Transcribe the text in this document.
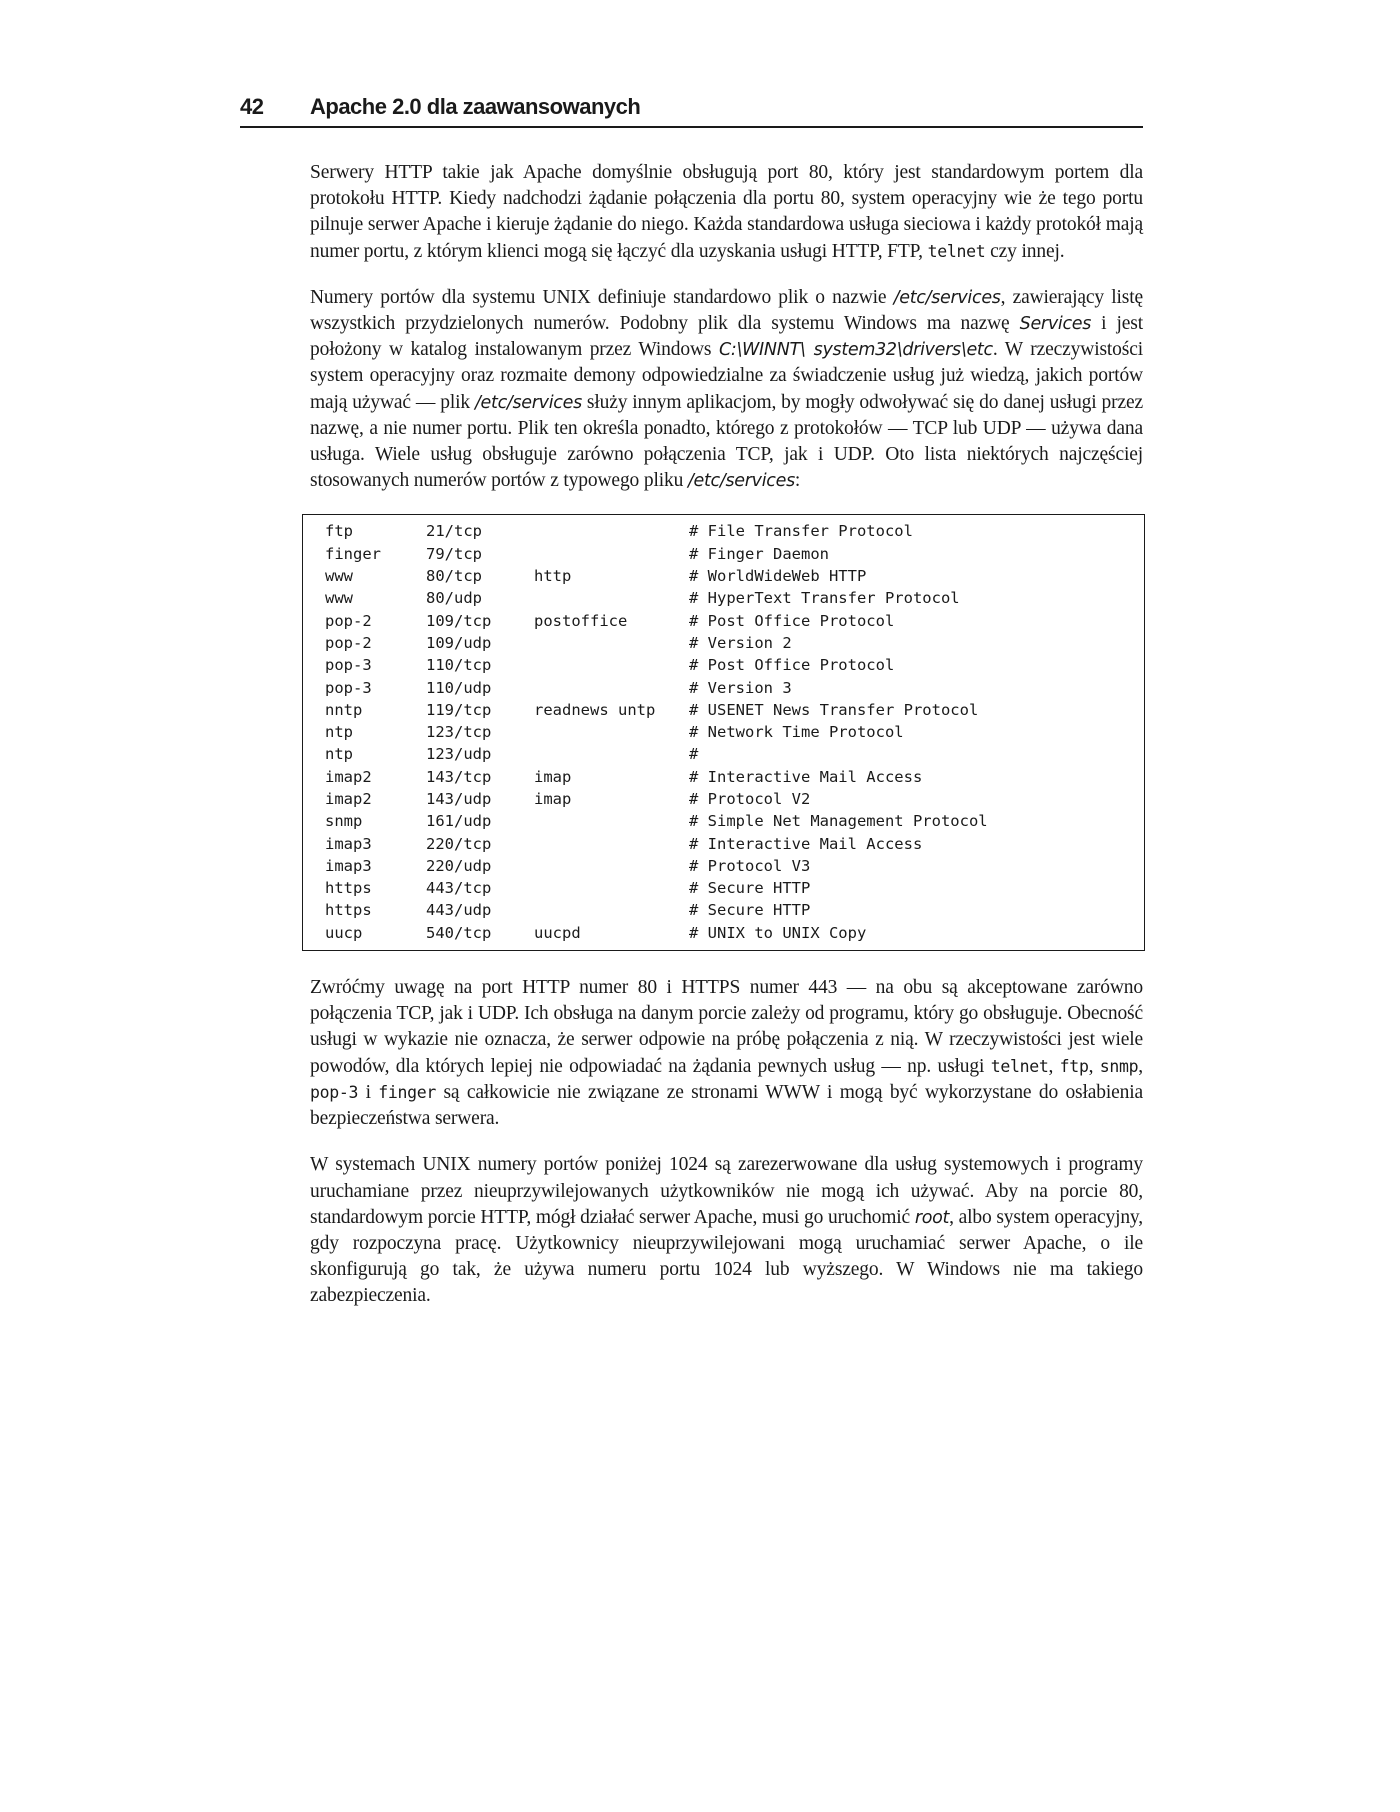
42 Apache 2.0 dla zaawansowanych

Serwery HTTP takie jak Apache domyślnie obsługują port 80, który jest standardowym portem dla protokołu HTTP. Kiedy nadchodzi żądanie połączenia dla portu 80, system operacyjny wie że tego portu pilnuje serwer Apache i kieruje żądanie do niego. Każda standardowa usługa sieciowa i każdy protokół mają numer portu, z którym klienci mogą się łączyć dla uzyskania usługi HTTP, FTP, telnet czy innej.

Numery portów dla systemu UNIX definiuje standardowo plik o nazwie /etc/services, zawierający listę wszystkich przydzielonych numerów. Podobny plik dla systemu Windows ma nazwę Services i jest położony w katalog instalowanym przez Windows C:\WINNT\ system32\drivers\etc. W rzeczywistości system operacyjny oraz rozmaite demony odpowiedzialne za świadczenie usług już wiedzą, jakich portów mają używać — plik /etc/services służy innym aplikacjom, by mogły odwoływać się do danej usługi przez nazwę, a nie numer portu. Plik ten określa ponadto, którego z protokołów — TCP lub UDP — używa dana usługa. Wiele usług obsługuje zarówno połączenia TCP, jak i UDP. Oto lista niektórych najczęściej stosowanych numerów portów z typowego pliku /etc/services:

ftp	21/tcp	# File Transfer Protocol
finger	79/tcp	# Finger Daemon
www	80/tcp	http	# WorldWideWeb HTTP
www	80/udp	# HyperText Transfer Protocol
pop-2	109/tcp	postoffice	# Post Office Protocol
pop-2	109/udp	# Version 2
pop-3	110/tcp	# Post Office Protocol
pop-3	110/udp	# Version 3
nntp	119/tcp	readnews untp	# USENET News Transfer Protocol
ntp	123/tcp	# Network Time Protocol
ntp	123/udp	#
imap2	143/tcp	imap	# Interactive Mail Access
imap2	143/udp	imap	# Protocol V2
snmp	161/udp	# Simple Net Management Protocol
imap3	220/tcp	# Interactive Mail Access
imap3	220/udp	# Protocol V3
https	443/tcp	# Secure HTTP
https	443/udp	# Secure HTTP
uucp	540/tcp	uucpd	# UNIX to UNIX Copy

Zwróćmy uwagę na port HTTP numer 80 i HTTPS numer 443 — na obu są akceptowane zarówno połączenia TCP, jak i UDP. Ich obsługa na danym porcie zależy od programu, który go obsługuje. Obecność usługi w wykazie nie oznacza, że serwer odpowie na próbę połączenia z nią. W rzeczywistości jest wiele powodów, dla których lepiej nie odpowiadać na żądania pewnych usług — np. usługi telnet, ftp, snmp, pop-3 i finger są całkowicie nie związane ze stronami WWW i mogą być wykorzystane do osłabienia bezpieczeństwa serwera.

W systemach UNIX numery portów poniżej 1024 są zarezerwowane dla usług systemowych i programy uruchamiane przez nieuprzywilejowanych użytkowników nie mogą ich używać. Aby na porcie 80, standardowym porcie HTTP, mógł działać serwer Apache, musi go uruchomić root, albo system operacyjny, gdy rozpoczyna pracę. Użytkownicy nieuprzywilejowani mogą uruchamiać serwer Apache, o ile skonfigurują go tak, że używa numeru portu 1024 lub wyższego. W Windows nie ma takiego zabezpieczenia.
